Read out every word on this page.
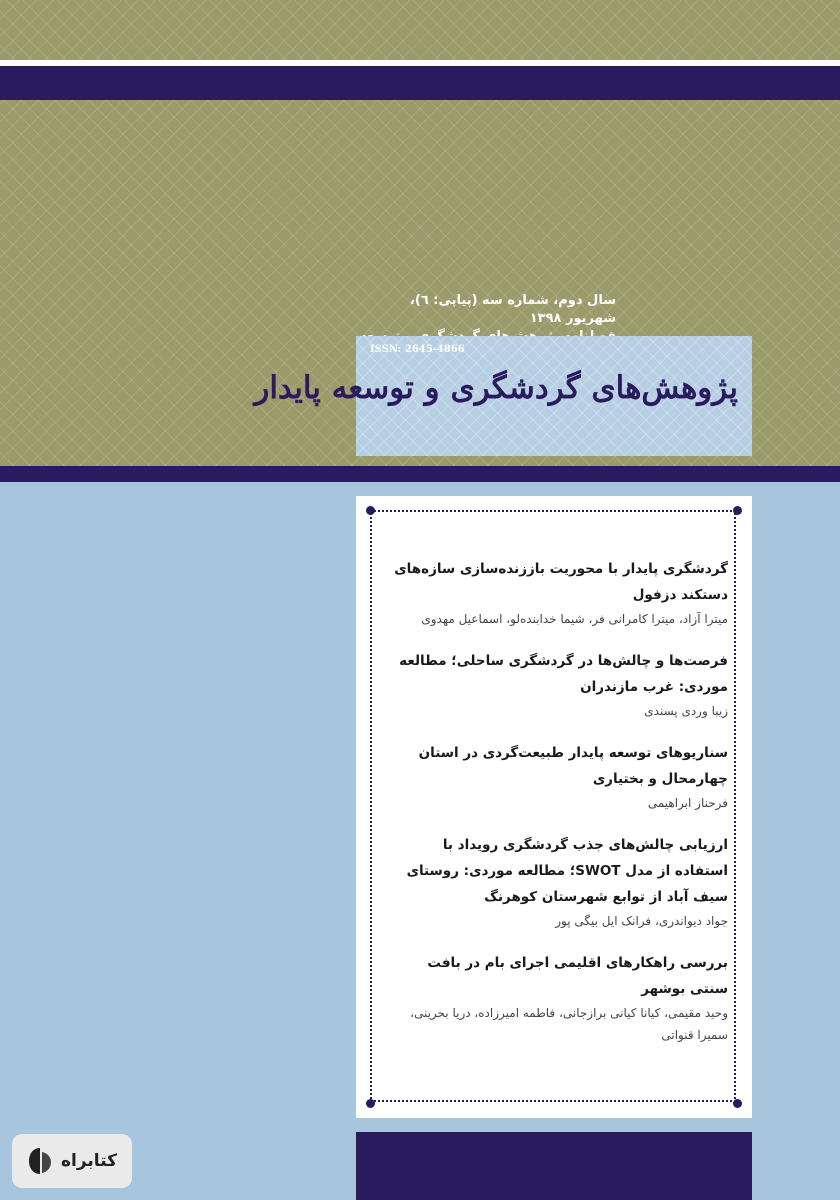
سال دوم، شماره سه (پیاپی: ٦)، شهریور ١٣٩٨
ISSN: 2645-4866
پژوهش‌های گردشگری و توسعه پایدار
گردشگری پایدار با محوریت باززنده‌سازی سازه‌های دستکند دزفول
میترا آزاد، میترا کامرانی فر، شیما خدابنده‌لو، اسماعیل مهدوی
فرصت‌ها و چالش‌ها در گردشگری ساحلی؛ مطالعه موردی: غرب مازندران
زیبا وردی پسندی
سناریوهای توسعه پایدار طبیعت‌گردی در استان چهارمحال و بختیاری
فرحناز ابراهیمی
ارزیابی چالش‌های جذب گردشگری رویداد با استفاده از مدل SWOT؛ مطالعه موردی: روستای سیف آباد از توابع شهرستان کوهرنگ
جواد دیواندری، فرانک ایل بیگی پور
بررسی راهکارهای اقلیمی اجرای بام در بافت سنتی بوشهر
وحید مقیمی، کیانا کیانی برازجانی، فاطمه امیرزاده، دریا بحرینی، سمیرا قنواتی
کتابراه
